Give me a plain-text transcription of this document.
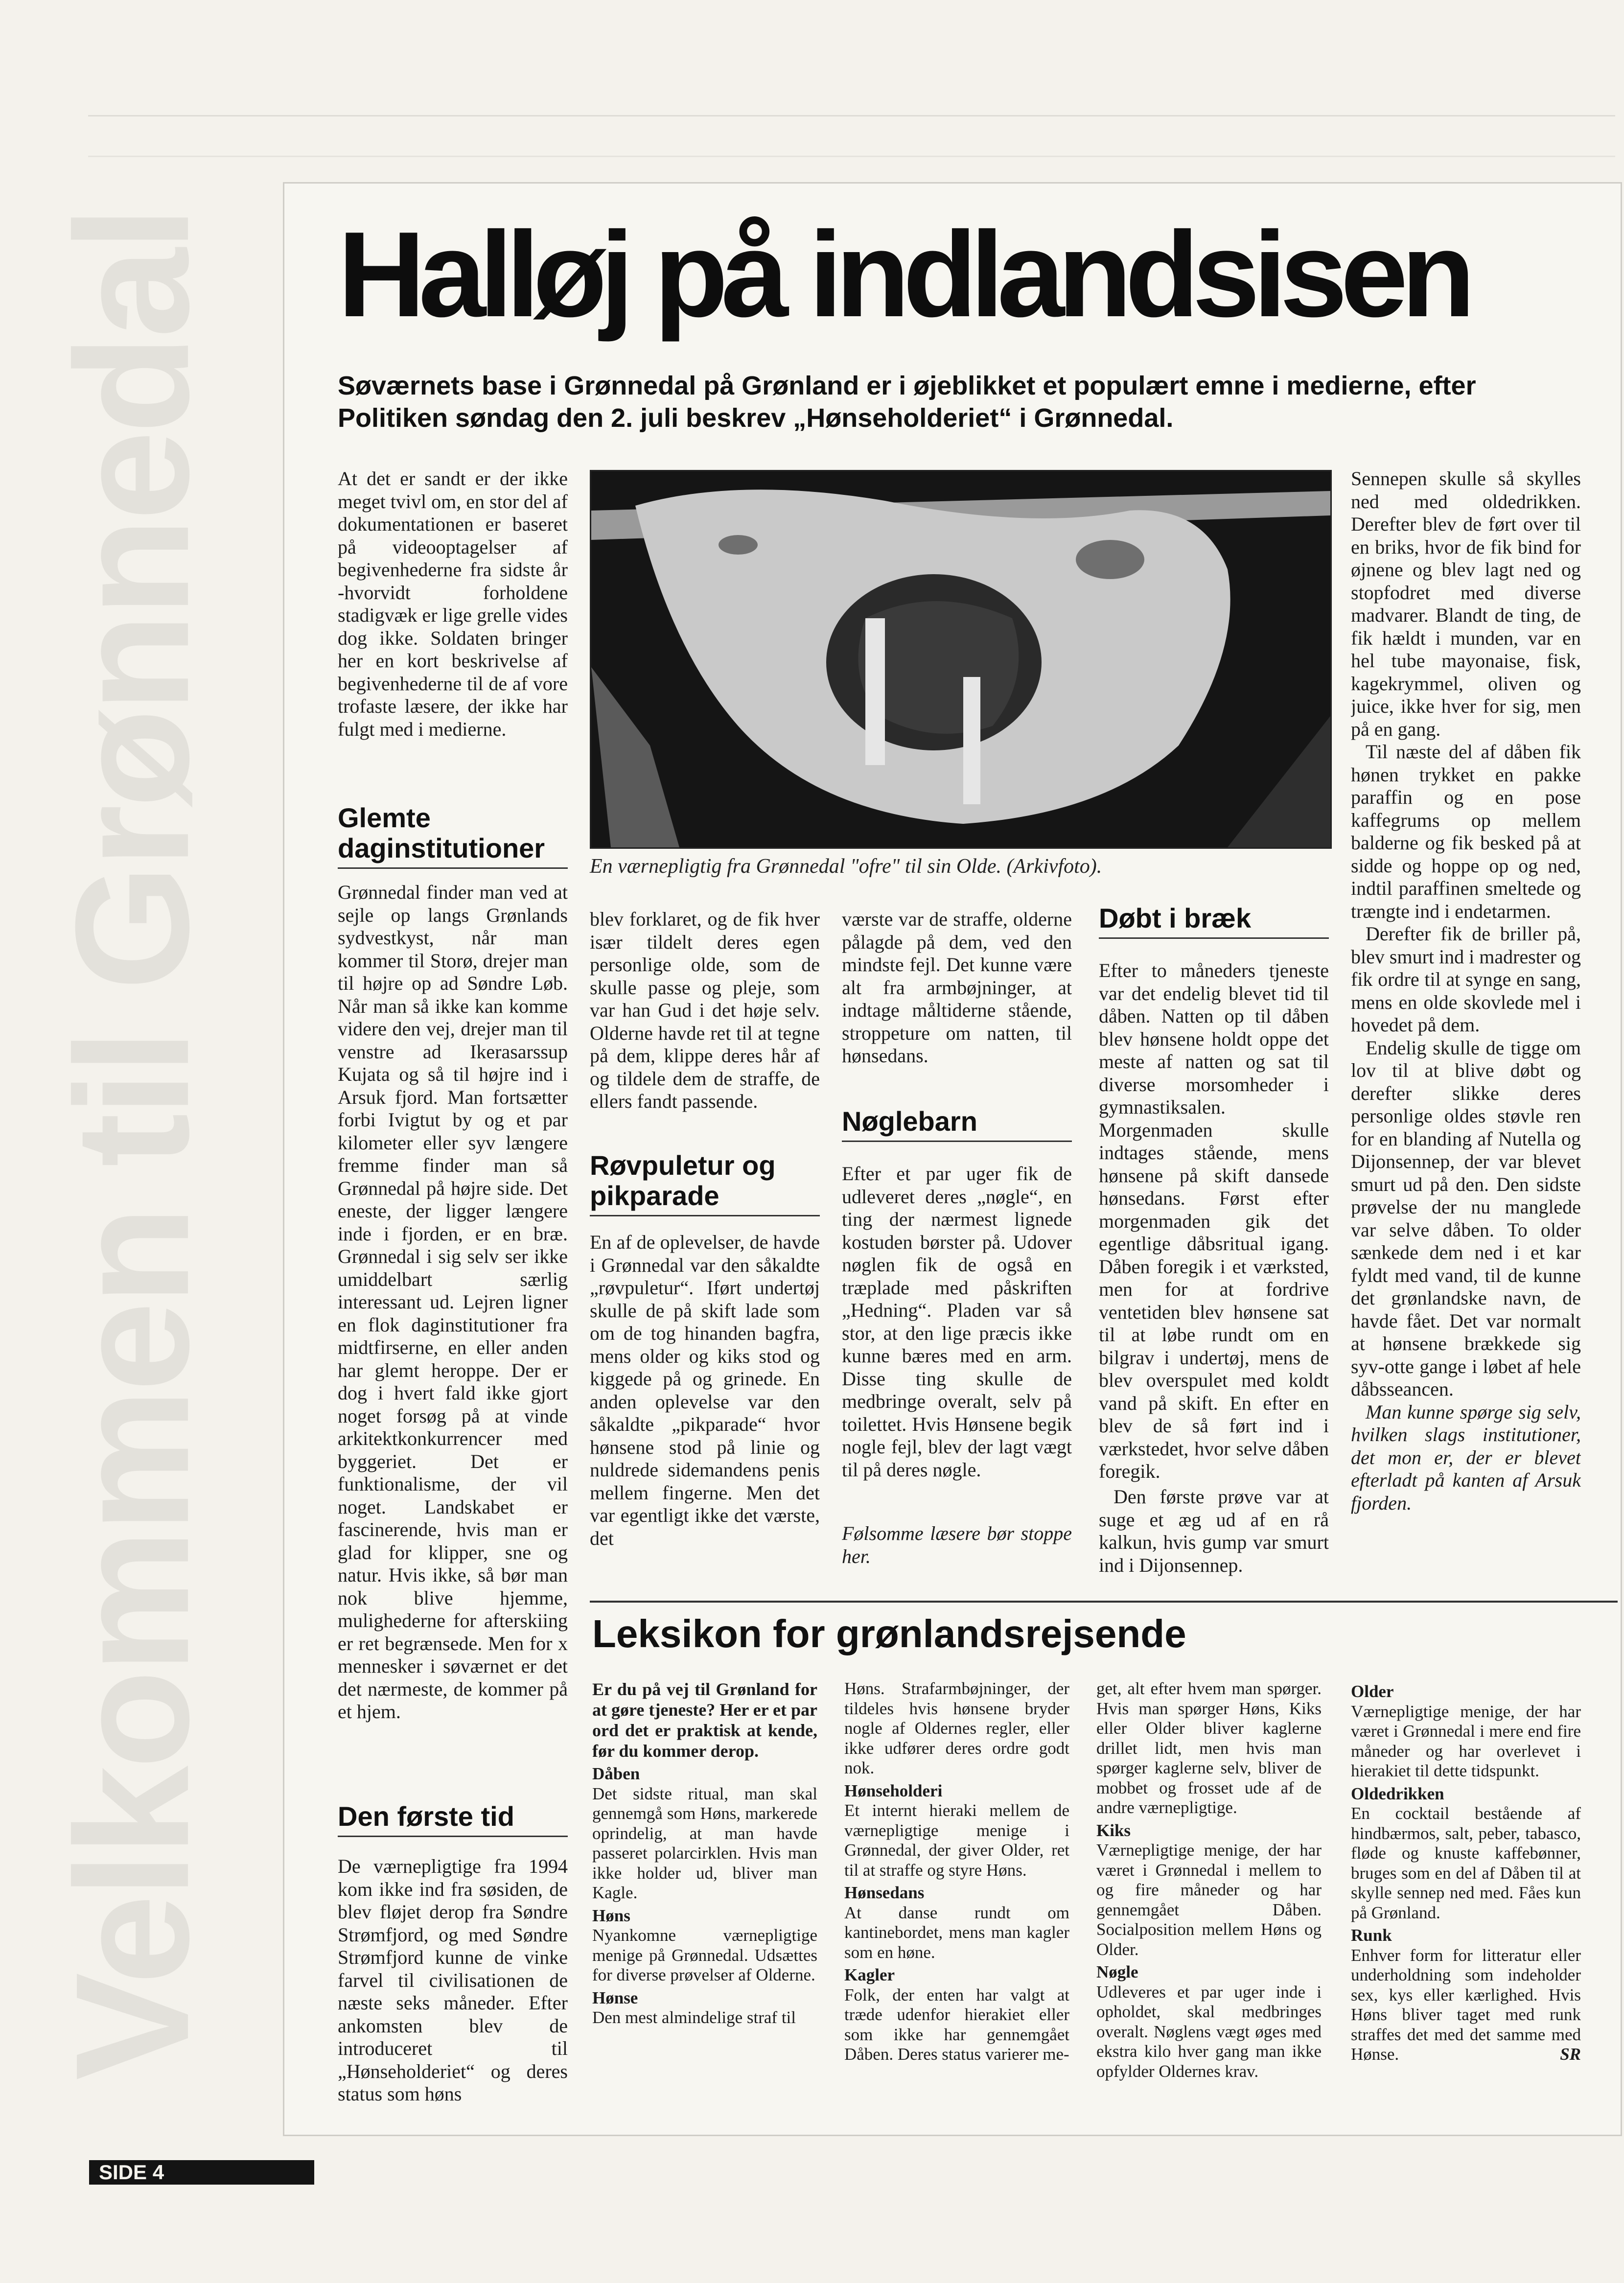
Velkommen til Grønnedal Halløj på indlandsisen
Søværnets base i Grønnedal på Grønland er i øjeblikket et populært emne i medierne, efter Politiken søndag den 2. juli beskrev „Hønseholderiet“ i Grønnedal.

At det er sandt er der ikke meget tvivl om, en stor del af dokumentationen er baseret på videooptagelser af begivenhederne fra sidste år -hvorvidt forholdene stadigvæk er lige grelle vides dog ikke. Soldaten bringer her en kort beskrivelse af begivenhederne til de af vore trofaste læsere, der ikke har fulgt med i medierne.

Glemte daginstitutioner

Grønnedal finder man ved at sejle op langs Grønlands sydvestkyst, når man kommer til Storø, drejer man til højre op ad Søndre Løb. Når man så ikke kan komme videre den vej, drejer man til venstre ad Ikerasarssup Kujata og så til højre ind i Arsuk fjord. Man fortsætter forbi Ivigtut by og et par kilometer eller syv længere fremme finder man så Grønnedal på højre side. Det eneste, der ligger længere inde i fjorden, er en bræ. Grønnedal i sig selv ser ikke umiddelbart særlig interessant ud. Lejren ligner en flok daginstitutioner fra midtfirserne, en eller anden har glemt heroppe. Der er dog i hvert fald ikke gjort noget forsøg på at vinde arkitektkonkurrencer med byggeriet. Det er funktionalisme, der vil noget. Landskabet er fascinerende, hvis man er glad for klipper, sne og natur. Hvis ikke, så bør man nok blive hjemme, mulighederne for afterskiing er ret begrænsede. Men for x mennesker i søværnet er det det nærmeste, de kommer på et hjem.

Den første tid

De værnepligtige fra 1994 kom ikke ind fra søsiden, de blev fløjet derop fra Søndre Strømfjord, og med Søndre Strømfjord kunne de vinke farvel til civilisationen de næste seks måneder. Efter ankomsten blev de introduceret til „Hønseholderiet“ og deres status som høns

En værnepligtig fra Grønnedal "ofre" til sin Olde. (Arkivfoto).

blev forklaret, og de fik hver især tildelt deres egen personlige olde, som de skulle passe og pleje, som var han Gud i det høje selv. Olderne havde ret til at tegne på dem, klippe deres hår af og tildele dem de straffe, de ellers fandt passende.

Røvpuletur og pikparade

En af de oplevelser, de havde i Grønnedal var den såkaldte „røvpuletur“. Iført undertøj skulle de på skift lade som om de tog hinanden bagfra, mens older og kiks stod og kiggede på og grinede. En anden oplevelse var den såkaldte „pikparade“ hvor hønsene stod på linie og nuldrede sidemandens penis mellem fingerne. Men det var egentligt ikke det værste, det

værste var de straffe, olderne pålagde på dem, ved den mindste fejl. Det kunne være alt fra armbøjninger, at indtage måltiderne stående, stroppeture om natten, til hønsedans.

Nøglebarn

Efter et par uger fik de udleveret deres „nøgle“, en ting der nærmest lignede kostuden børster på. Udover nøglen fik de også en træplade med påskriften „Hedning“. Pladen var så stor, at den lige præcis ikke kunne bæres med en arm. Disse ting skulle de medbringe overalt, selv på toilettet. Hvis Hønsene begik nogle fejl, blev der lagt vægt til på deres nøgle.

Følsomme læsere bør stoppe her.

Døbt i bræk

Efter to måneders tjeneste var det endelig blevet tid til dåben. Natten op til dåben blev hønsene holdt oppe det meste af natten og sat til diverse morsomheder i gymnastiksalen. Morgenmaden skulle indtages stående, mens hønsene på skift dansede hønsedans. Først efter morgenmaden gik det egentlige dåbsritual igang. Dåben foregik i et værksted, men for at fordrive ventetiden blev hønsene sat til at løbe rundt om en bilgrav i undertøj, mens de blev overspulet med koldt vand på skift. En efter en blev de så ført ind i værkstedet, hvor selve dåben foregik.

Den første prøve var at suge et æg ud af en rå kalkun, hvis gump var smurt ind i Dijonsennep.

Sennepen skulle så skylles ned med oldedrikken. Derefter blev de ført over til en briks, hvor de fik bind for øjnene og blev lagt ned og stopfodret med diverse madvarer. Blandt de ting, de fik hældt i munden, var en hel tube mayonaise, fisk, kagekrymmel, oliven og juice, ikke hver for sig, men på en gang.

Til næste del af dåben fik hønen trykket en pakke paraffin og en pose kaffegrums op mellem balderne og fik besked på at sidde og hoppe op og ned, indtil paraffinen smeltede og trængte ind i endetarmen.

Derefter fik de briller på, blev smurt ind i madrester og fik ordre til at synge en sang, mens en olde skovlede mel i hovedet på dem.

Endelig skulle de tigge om lov til at blive døbt og derefter slikke deres personlige oldes støvle ren for en blanding af Nutella og Dijonsennep, der var blevet smurt ud på den. Den sidste prøvelse der nu manglede var selve dåben. To older sænkede dem ned i et kar fyldt med vand, til de kunne det grønlandske navn, de havde fået. Det var normalt at hønsene brækkede sig syv-otte gange i løbet af hele dåbsseancen.

Man kunne spørge sig selv, hvilken slags institutioner, det mon er, der er blevet efterladt på kanten af Arsuk fjorden.

Leksikon for grønlandsrejsende
Er du på vej til Grønland for at gøre tjeneste? Her er et par ord det er praktisk at kende, før du kommer derop.
Dåben
Det sidste ritual, man skal gennemgå som Høns, markerede oprindelig, at man havde passeret polarcirklen. Hvis man ikke holder ud, bliver man Kagle.
Høns
Nyankomne værnepligtige menige på Grønnedal. Udsættes for diverse prøvelser af Olderne.
Hønse
Den mest almindelige straf til
Høns. Strafarmbøjninger, der tildeles hvis hønsene bryder nogle af Oldernes regler, eller ikke udfører deres ordre godt nok.
Hønseholderi
Et internt hieraki mellem de værnepligtige menige i Grønnedal, der giver Older, ret til at straffe og styre Høns.
Hønsedans
At danse rundt om kantinebordet, mens man kagler som en høne.
Kagler
Folk, der enten har valgt at træde udenfor hierakiet eller som ikke har gennemgået Dåben. Deres status varierer me-
get, alt efter hvem man spørger. Hvis man spørger Høns, Kiks eller Older bliver kaglerne drillet lidt, men hvis man spørger kaglerne selv, bliver de mobbet og frosset ude af de andre værnepligtige.
Kiks
Værnepligtige menige, der har været i Grønnedal i mellem to og fire måneder og har gennemgået Dåben. Socialposition mellem Høns og Older.
Nøgle
Udleveres et par uger inde i opholdet, skal medbringes overalt. Nøglens vægt øges med ekstra kilo hver gang man ikke opfylder Oldernes krav.
Older
Værnepligtige menige, der har været i Grønnedal i mere end fire måneder og har overlevet i hierakiet til dette tidspunkt.
Oldedrikken
En cocktail bestående af hindbærmos, salt, peber, tabasco, fløde og knuste kaffebønner, bruges som en del af Dåben til at skylle sennep ned med. Fåes kun på Grønland.
Runk
Enhver form for litteratur eller underholdning som indeholder sex, kys eller kærlighed. Hvis Høns bliver taget med runk straffes det med det samme med Hønse.	SR
SIDE 4
